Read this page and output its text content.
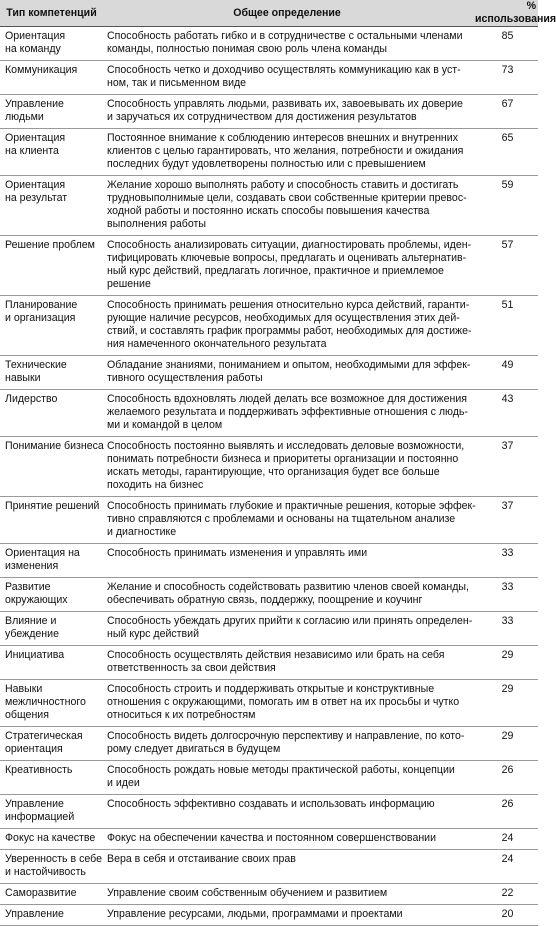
Тип компетенций	Общее определение	% использования

Ориентация
на команду	Способность работать гибко и в сотрудничестве с остальными членами
команды, полностью понимая свою роль члена команды	85

Коммуникация	Способность четко и доходчиво осуществлять коммуникацию как в уст-
ном, так и письменном виде	73

Управление
людьми	Способность управлять людьми, развивать их, завоевывать их доверие
и заручаться их сотрудничеством для достижения результатов	67

Ориентация
на клиента	Постоянное внимание к соблюдению интересов внешних и внутренних
клиентов с целью гарантировать, что желания, потребности и ожидания
последних будут удовлетворены полностью или с превышением	65

Ориентация
на результат	Желание хорошо выполнять работу и способность ставить и достигать
трудновыполнимые цели, создавать свои собственные критерии превос-
ходной работы и постоянно искать способы повышения качества
выполнения работы	59

Решение проблем	Способность анализировать ситуации, диагностировать проблемы, иден-
тифицировать ключевые вопросы, предлагать и оценивать альтернатив-
ный курс действий, предлагать логичное, практичное и приемлемое
решение	57

Планирование
и организация	Способность принимать решения относительно курса действий, гаранти-
рующие наличие ресурсов, необходимых для осуществления этих дей-
ствий, и составлять график программы работ, необходимых для достиже-
ния намеченного окончательного результата	51

Технические
навыки	Обладание знаниями, пониманием и опытом, необходимыми для эффек-
тивного осуществления работы	49

Лидерство	Способность вдохновлять людей делать все возможное для достижения
желаемого результата и поддерживать эффективные отношения с людь-
ми и командой в целом	43

Понимание бизнеса	Способность постоянно выявлять и исследовать деловые возможности,
понимать потребности бизнеса и приоритеты организации и постоянно
искать методы, гарантирующие, что организация будет все больше
походить на бизнес	37

Принятие решений	Способность принимать глубокие и практичные решения, которые эффек-
тивно справляются с проблемами и основаны на тщательном анализе
и диагностике	37

Ориентация на
изменения	Способность принимать изменения и управлять ими	33

Развитие
окружающих	Желание и способность содействовать развитию членов своей команды,
обеспечивать обратную связь, поддержку, поощрение и коучинг	33

Влияние и
убеждение	Способность убеждать других прийти к согласию или принять определен-
ный курс действий	33

Инициатива	Способность осуществлять действия независимо или брать на себя
ответственность за свои действия	29

Навыки
межличностного
общения	Способность строить и поддерживать открытые и конструктивные
отношения с окружающими, помогать им в ответ на их просьбы и чутко
относиться к их потребностям	29

Стратегическая
ориентация	Способность видеть долгосрочную перспективу и направление, по кото-
рому следует двигаться в будущем	29

Креативность	Способность рождать новые методы практической работы, концепции
и идеи	26

Управление
информацией	Способность эффективно создавать и использовать информацию	26

Фокус на качестве	Фокус на обеспечении качества и постоянном совершенствовании	24

Уверенность в себе
и настойчивость	Вера в себя и отстаивание своих прав	24

Саморазвитие	Управление своим собственным обучением и развитием	22

Управление	Управление ресурсами, людьми, программами и проектами	20
